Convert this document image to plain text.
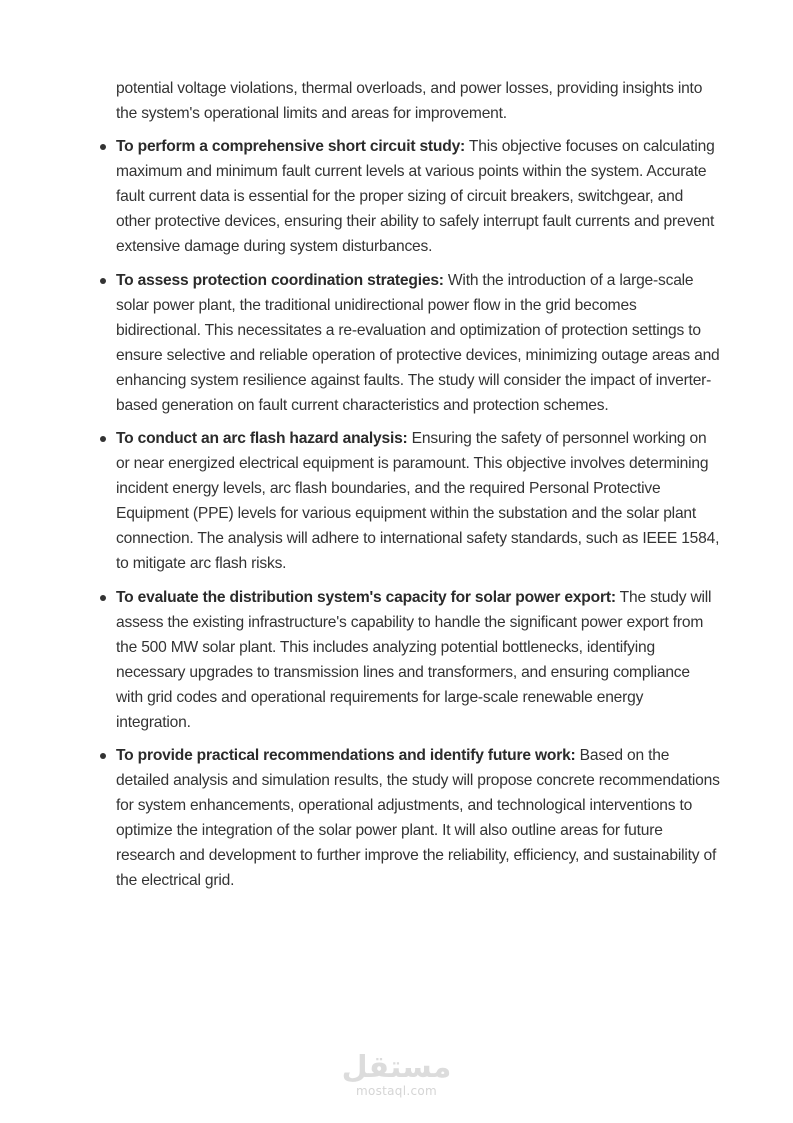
potential voltage violations, thermal overloads, and power losses, providing insights into the system's operational limits and areas for improvement.

To perform a comprehensive short circuit study: This objective focuses on calculating maximum and minimum fault current levels at various points within the system. Accurate fault current data is essential for the proper sizing of circuit breakers, switchgear, and other protective devices, ensuring their ability to safely interrupt fault currents and prevent extensive damage during system disturbances.
To assess protection coordination strategies: With the introduction of a large-scale solar power plant, the traditional unidirectional power flow in the grid becomes bidirectional. This necessitates a re-evaluation and optimization of protection settings to ensure selective and reliable operation of protective devices, minimizing outage areas and enhancing system resilience against faults. The study will consider the impact of inverter-based generation on fault current characteristics and protection schemes.
To conduct an arc flash hazard analysis: Ensuring the safety of personnel working on or near energized electrical equipment is paramount. This objective involves determining incident energy levels, arc flash boundaries, and the required Personal Protective Equipment (PPE) levels for various equipment within the substation and the solar plant connection. The analysis will adhere to international safety standards, such as IEEE 1584, to mitigate arc flash risks.
To evaluate the distribution system's capacity for solar power export: The study will assess the existing infrastructure's capability to handle the significant power export from the 500 MW solar plant. This includes analyzing potential bottlenecks, identifying necessary upgrades to transmission lines and transformers, and ensuring compliance with grid codes and operational requirements for large-scale renewable energy integration.
To provide practical recommendations and identify future work: Based on the detailed analysis and simulation results, the study will propose concrete recommendations for system enhancements, operational adjustments, and technological interventions to optimize the integration of the solar power plant. It will also outline areas for future research and development to further improve the reliability, efficiency, and sustainability of the electrical grid.
مستقل
mostaql.com
